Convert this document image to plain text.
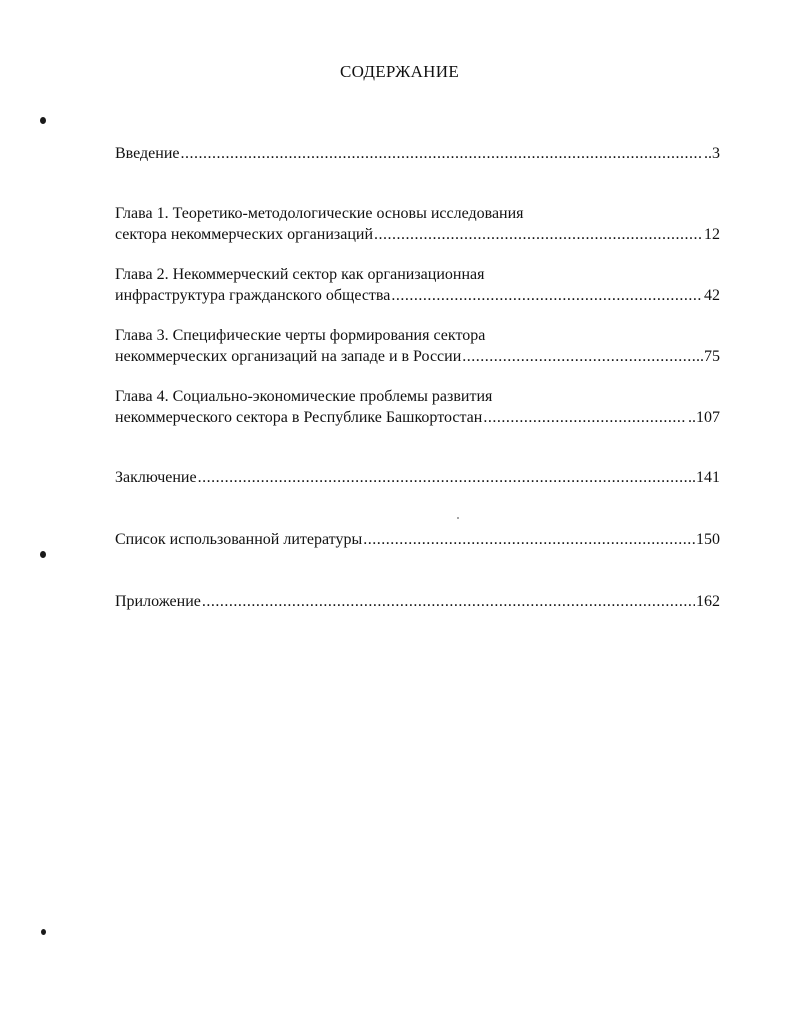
СОДЕРЖАНИЕ
Введение .....	..3
Глава 1. Теоретико-методологические основы исследования
сектора некоммерческих организаций .....	12
Глава 2. Некоммерческий сектор как организационная
инфраструктура гражданского общества .....	42
Глава 3. Специфические черты формирования сектора
некоммерческих организаций на западе и в России .....	..75
Глава 4. Социально-экономические проблемы развития
некоммерческого сектора в Республике Башкортостан .....	..107
Заключение .....	..141
Список использованной литературы .....	150
Приложение .....	162
